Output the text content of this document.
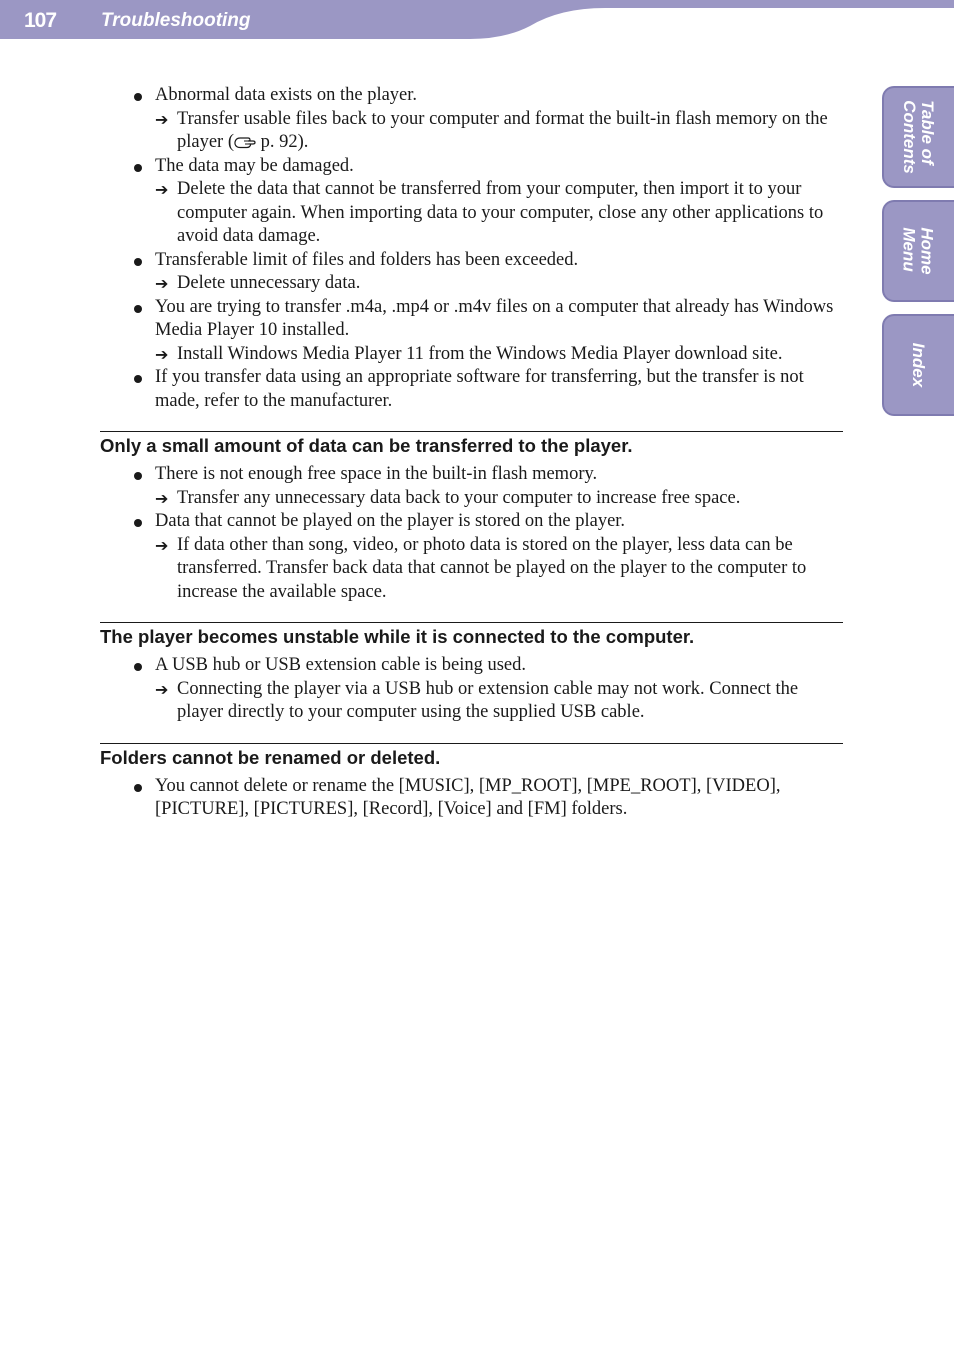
107 Troubleshooting
Table of
Contents
Home
Menu
Index
Abnormal data exists on the player.
➔ Transfer usable files back to your computer and format the built-in flash memory on the player ( p. 92).
The data may be damaged.
➔ Delete the data that cannot be transferred from your computer, then import it to your computer again. When importing data to your computer, close any other applications to avoid data damage.
Transferable limit of files and folders has been exceeded.
➔ Delete unnecessary data.
You are trying to transfer .m4a, .mp4 or .m4v files on a computer that already has Windows Media Player 10 installed.
➔ Install Windows Media Player 11 from the Windows Media Player download site.
If you transfer data using an appropriate software for transferring, but the transfer is not made, refer to the manufacturer.
Only a small amount of data can be transferred to the player.
There is not enough free space in the built-in flash memory.
➔ Transfer any unnecessary data back to your computer to increase free space.
Data that cannot be played on the player is stored on the player.
➔ If data other than song, video, or photo data is stored on the player, less data can be transferred. Transfer back data that cannot be played on the player to the computer to increase the available space.
The player becomes unstable while it is connected to the computer.
A USB hub or USB extension cable is being used.
➔ Connecting the player via a USB hub or extension cable may not work. Connect the player directly to your computer using the supplied USB cable.
Folders cannot be renamed or deleted.
You cannot delete or rename the [MUSIC], [MP_ROOT], [MPE_ROOT], [VIDEO], [PICTURE], [PICTURES], [Record], [Voice] and [FM] folders.
